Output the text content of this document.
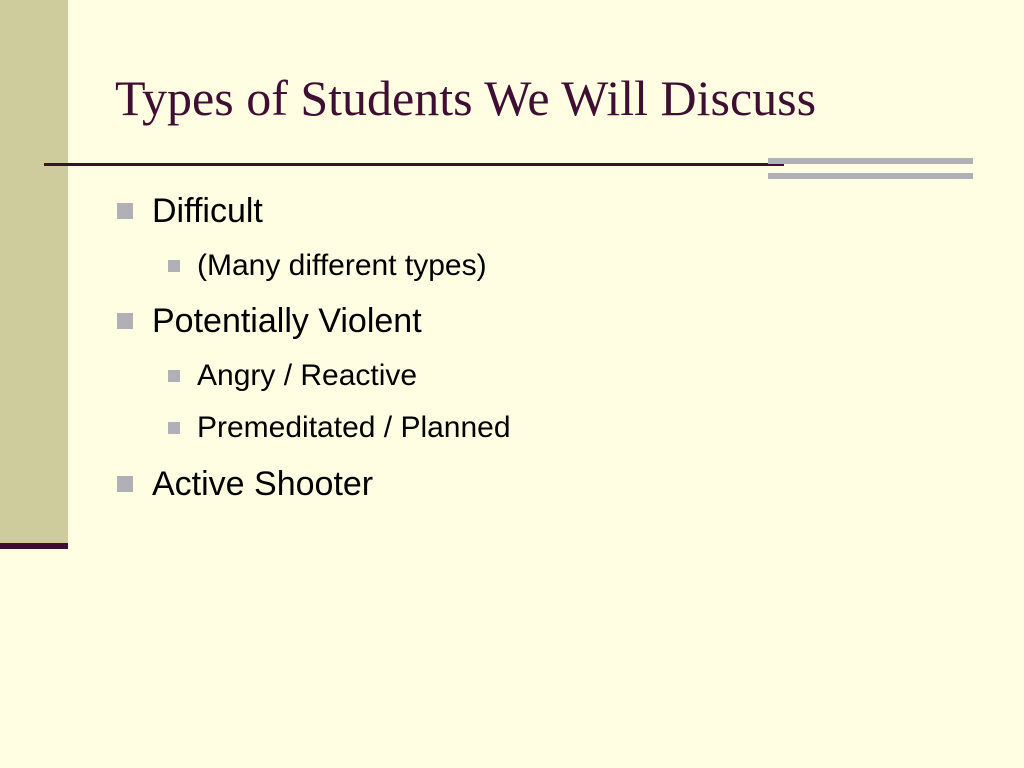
Types of Students We Will Discuss
Difficult
(Many different types)
Potentially Violent
Angry / Reactive
Premeditated / Planned
Active Shooter
